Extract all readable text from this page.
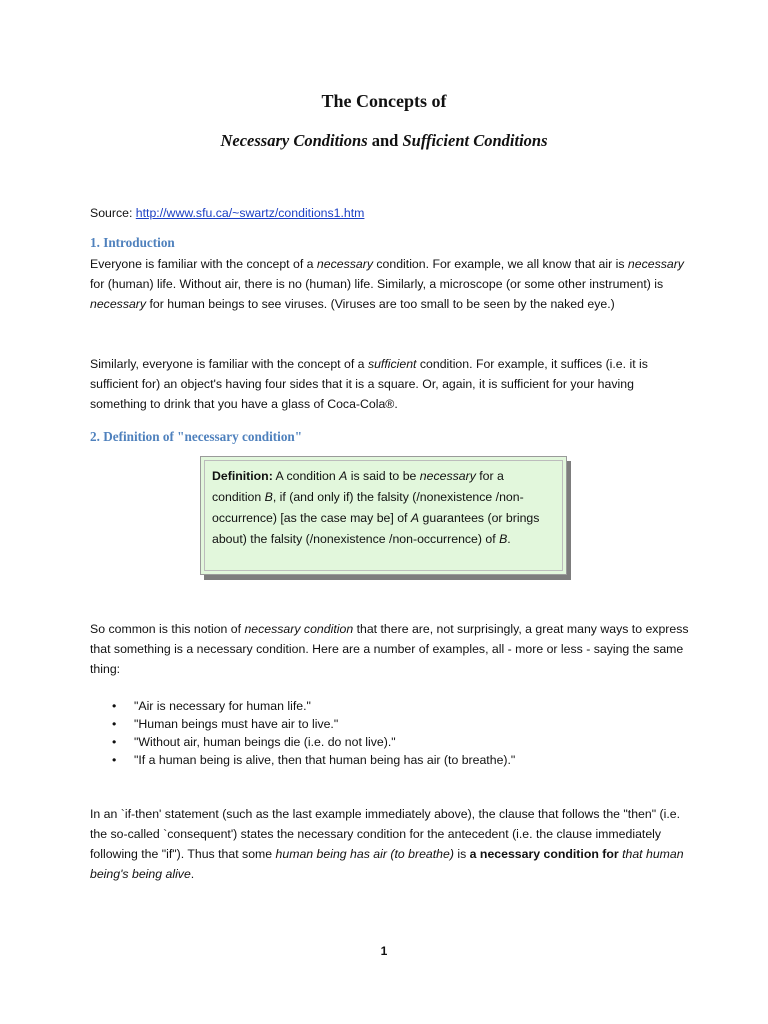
The Concepts of
Necessary Conditions and Sufficient Conditions
Source: http://www.sfu.ca/~swartz/conditions1.htm
1. Introduction
Everyone is familiar with the concept of a necessary condition. For example, we all know that air is necessary for (human) life. Without air, there is no (human) life. Similarly, a microscope (or some other instrument) is necessary for human beings to see viruses. (Viruses are too small to be seen by the naked eye.)
Similarly, everyone is familiar with the concept of a sufficient condition. For example, it suffices (i.e. it is sufficient for) an object's having four sides that it is a square. Or, again, it is sufficient for your having something to drink that you have a glass of Coca-Cola®.
2. Definition of "necessary condition"
Definition: A condition A is said to be necessary for a condition B, if (and only if) the falsity (/nonexistence /non-occurrence) [as the case may be] of A guarantees (or brings about) the falsity (/nonexistence /non-occurrence) of B.
So common is this notion of necessary condition that there are, not surprisingly, a great many ways to express that something is a necessary condition. Here are a number of examples, all - more or less - saying the same thing:
• "Air is necessary for human life."
• "Human beings must have air to live."
• "Without air, human beings die (i.e. do not live)."
• "If a human being is alive, then that human being has air (to breathe)."
In an `if-then' statement (such as the last example immediately above), the clause that follows the "then" (i.e. the so-called `consequent') states the necessary condition for the antecedent (i.e. the clause immediately following the "if"). Thus that some human being has air (to breathe) is a necessary condition for that human being's being alive.
1
